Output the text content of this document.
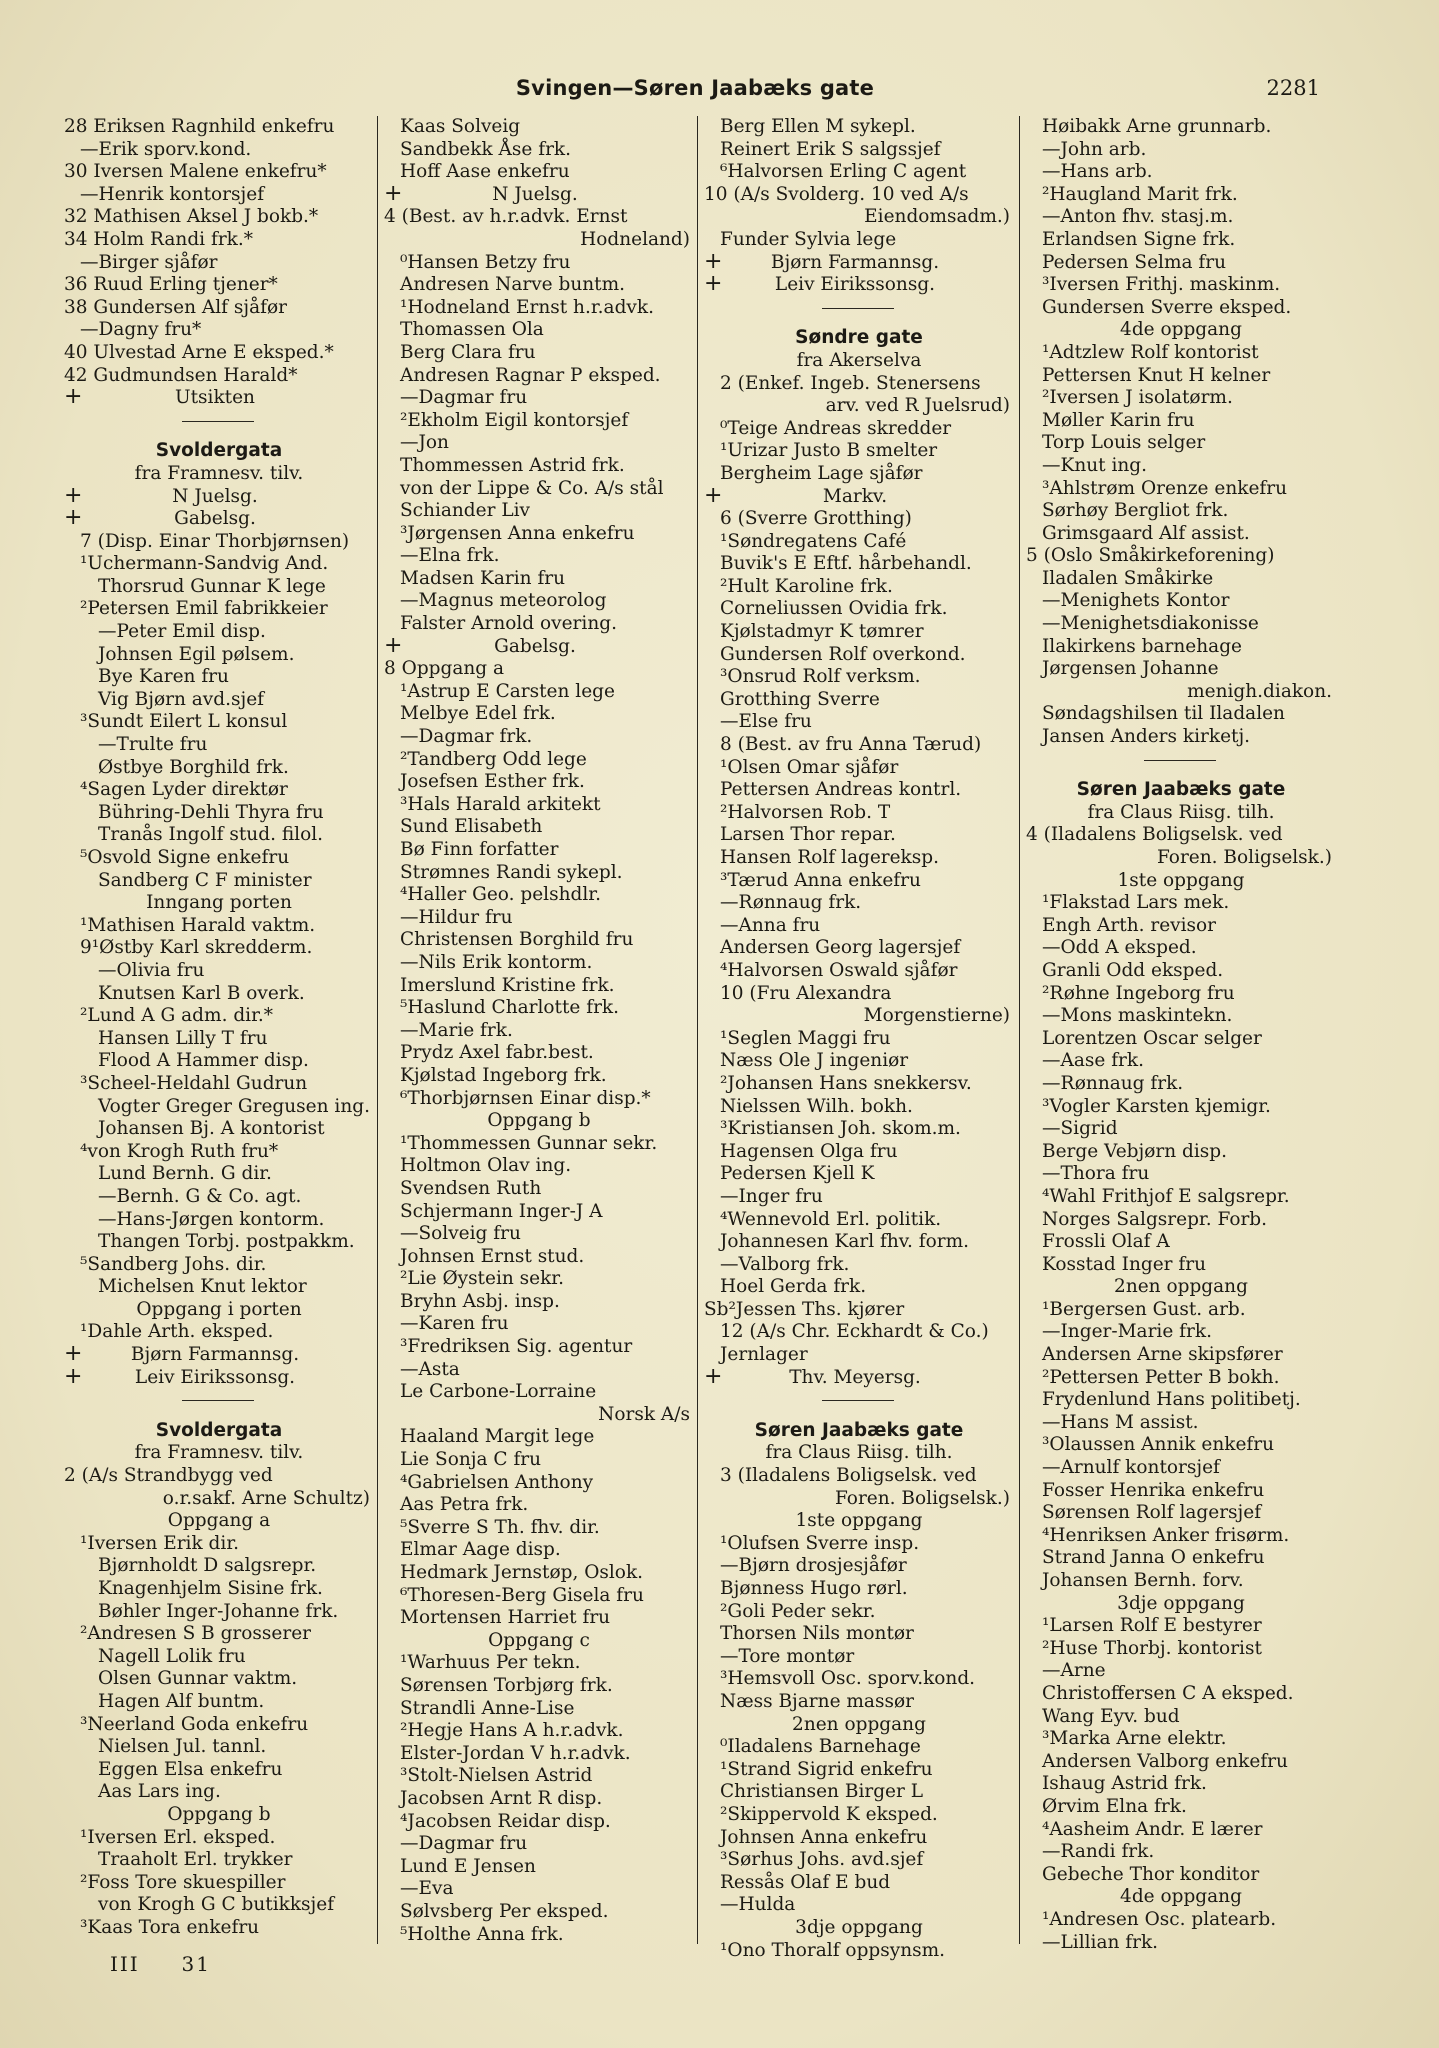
Svingen—Søren Jaabæks gate	2281
28 Eriksen Ragnhild enkefru
—Erik sporv.kond.
30 Iversen Malene enkefru*
—Henrik kontorsjef
32 Mathisen Aksel J bokb.*
34 Holm Randi frk.*
—Birger sjåfør
36 Ruud Erling tjener*
38 Gundersen Alf sjåfør
—Dagny fru*
40 Ulvestad Arne E eksped.*
42 Gudmundsen Harald*
+	Utsikten
Svoldergata
fra Framnesv. tilv.
+	N Juelsg.
+	Gabelsg.
7 (Disp. Einar Thorbjørnsen)
¹Uchermann-Sandvig And.
Thorsrud Gunnar K lege
²Petersen Emil fabrikkeier
—Peter Emil disp.
Johnsen Egil pølsem.
Bye Karen fru
Vig Bjørn avd.sjef
³Sundt Eilert L konsul
—Trulte fru
Østbye Borghild frk.
⁴Sagen Lyder direktør
Bühring-Dehli Thyra fru
Tranås Ingolf stud. filol.
⁵Osvold Signe enkefru
Sandberg C F minister
Inngang porten
¹Mathisen Harald vaktm.
9¹Østby Karl skredderm.
—Olivia fru
Knutsen Karl B overk.
²Lund A G adm. dir.*
Hansen Lilly T fru
Flood A Hammer disp.
³Scheel-Heldahl Gudrun
Vogter Greger Gregusen ing.
Johansen Bj. A kontorist
⁴von Krogh Ruth fru*
Lund Bernh. G dir.
—Bernh. G & Co. agt.
—Hans-Jørgen kontorm.
Thangen Torbj. postpakkm.
⁵Sandberg Johs. dir.
Michelsen Knut lektor
Oppgang i porten
¹Dahle Arth. eksped.
+	Bjørn Farmannsg.
+	Leiv Eirikssonsg.
Svoldergata
fra Framnesv. tilv.
2 (A/s Strandbygg ved
o.r.sakf. Arne Schultz)
Oppgang a
¹Iversen Erik dir.
Bjørnholdt D salgsrepr.
Knagenhjelm Sisine frk.
Bøhler Inger-Johanne frk.
²Andresen S B grosserer
Nagell Lolik fru
Olsen Gunnar vaktm.
Hagen Alf buntm.
³Neerland Goda enkefru
Nielsen Jul. tannl.
Eggen Elsa enkefru
Aas Lars ing.
Oppgang b
¹Iversen Erl. eksped.
Traaholt Erl. trykker
²Foss Tore skuespiller
von Krogh G C butikksjef
³Kaas Tora enkefru
Kaas Solveig
Sandbekk Åse frk.
Hoff Aase enkefru
+	N Juelsg.
4 (Best. av h.r.advk. Ernst
Hodneland)
⁰Hansen Betzy fru
Andresen Narve buntm.
¹Hodneland Ernst h.r.advk.
Thomassen Ola
Berg Clara fru
Andresen Ragnar P eksped.
—Dagmar fru
²Ekholm Eigil kontorsjef
—Jon
Thommessen Astrid frk.
von der Lippe & Co. A/s stål
Schiander Liv
³Jørgensen Anna enkefru
—Elna frk.
Madsen Karin fru
—Magnus meteorolog
Falster Arnold overing.
+	Gabelsg.
8 Oppgang a
¹Astrup E Carsten lege
Melbye Edel frk.
—Dagmar frk.
²Tandberg Odd lege
Josefsen Esther frk.
³Hals Harald arkitekt
Sund Elisabeth
Bø Finn forfatter
Strømnes Randi sykepl.
⁴Haller Geo. pelshdlr.
—Hildur fru
Christensen Borghild fru
—Nils Erik kontorm.
Imerslund Kristine frk.
⁵Haslund Charlotte frk.
—Marie frk.
Prydz Axel fabr.best.
Kjølstad Ingeborg frk.
⁶Thorbjørnsen Einar disp.*
Oppgang b
¹Thommessen Gunnar sekr.
Holtmon Olav ing.
Svendsen Ruth
Schjermann Inger-J A
—Solveig fru
Johnsen Ernst stud.
²Lie Øystein sekr.
Bryhn Asbj. insp.
—Karen fru
³Fredriksen Sig. agentur
—Asta
Le Carbone-Lorraine
Norsk A/s
Haaland Margit lege
Lie Sonja C fru
⁴Gabrielsen Anthony
Aas Petra frk.
⁵Sverre S Th. fhv. dir.
Elmar Aage disp.
Hedmark Jernstøp, Oslok.
⁶Thoresen-Berg Gisela fru
Mortensen Harriet fru
Oppgang c
¹Warhuus Per tekn.
Sørensen Torbjørg frk.
Strandli Anne-Lise
²Hegje Hans A h.r.advk.
Elster-Jordan V h.r.advk.
³Stolt-Nielsen Astrid
Jacobsen Arnt R disp.
⁴Jacobsen Reidar disp.
—Dagmar fru
Lund E Jensen
—Eva
Sølvsberg Per eksped.
⁵Holthe Anna frk.
Berg Ellen M sykepl.
Reinert Erik S salgssjef
⁶Halvorsen Erling C agent
10 (A/s Svolderg. 10 ved A/s
Eiendomsadm.)
Funder Sylvia lege
+	Bjørn Farmannsg.
+	Leiv Eirikssonsg.
Søndre gate
fra Akerselva
2 (Enkef. Ingeb. Stenersens
arv. ved R Juelsrud)
⁰Teige Andreas skredder
¹Urizar Justo B smelter
Bergheim Lage sjåfør
+	Markv.
6 (Sverre Grotthing)
¹Søndregatens Café
Buvik's E Eftf. hårbehandl.
²Hult Karoline frk.
Corneliussen Ovidia frk.
Kjølstadmyr K tømrer
Gundersen Rolf overkond.
³Onsrud Rolf verksm.
Grotthing Sverre
—Else fru
8 (Best. av fru Anna Tærud)
¹Olsen Omar sjåfør
Pettersen Andreas kontrl.
²Halvorsen Rob. T
Larsen Thor repar.
Hansen Rolf lagereksp.
³Tærud Anna enkefru
—Rønnaug frk.
—Anna fru
Andersen Georg lagersjef
⁴Halvorsen Oswald sjåfør
10 (Fru Alexandra
Morgenstierne)
¹Seglen Maggi fru
Næss Ole J ingeniør
²Johansen Hans snekkersv.
Nielssen Wilh. bokh.
³Kristiansen Joh. skom.m.
Hagensen Olga fru
Pedersen Kjell K
—Inger fru
⁴Wennevold Erl. politik.
Johannesen Karl fhv. form.
—Valborg frk.
Hoel Gerda frk.
Sb²Jessen Ths. kjører
12 (A/s Chr. Eckhardt & Co.)
Jernlager
+	Thv. Meyersg.
Søren Jaabæks gate
fra Claus Riisg. tilh.
3 (Iladalens Boligselsk. ved
Foren. Boligselsk.)
1ste oppgang
¹Olufsen Sverre insp.
—Bjørn drosjesjåfør
Bjønness Hugo rørl.
²Goli Peder sekr.
Thorsen Nils montør
—Tore montør
³Hemsvoll Osc. sporv.kond.
Næss Bjarne massør
2nen oppgang
⁰Iladalens Barnehage
¹Strand Sigrid enkefru
Christiansen Birger L
²Skippervold K eksped.
Johnsen Anna enkefru
³Sørhus Johs. avd.sjef
Ressås Olaf E bud
—Hulda
3dje oppgang
¹Ono Thoralf oppsynsm.
Høibakk Arne grunnarb.
—John arb.
—Hans arb.
²Haugland Marit frk.
—Anton fhv. stasj.m.
Erlandsen Signe frk.
Pedersen Selma fru
³Iversen Frithj. maskinm.
Gundersen Sverre eksped.
4de oppgang
¹Adtzlew Rolf kontorist
Pettersen Knut H kelner
²Iversen J isolatørm.
Møller Karin fru
Torp Louis selger
—Knut ing.
³Ahlstrøm Orenze enkefru
Sørhøy Bergliot frk.
Grimsgaard Alf assist.
5 (Oslo Småkirkeforening)
Iladalen Småkirke
—Menighets Kontor
—Menighetsdiakonisse
Ilakirkens barnehage
Jørgensen Johanne
menigh.diakon.
Søndagshilsen til Iladalen
Jansen Anders kirketj.
Søren Jaabæks gate
fra Claus Riisg. tilh.
4 (Iladalens Boligselsk. ved
Foren. Boligselsk.)
1ste oppgang
¹Flakstad Lars mek.
Engh Arth. revisor
—Odd A eksped.
Granli Odd eksped.
²Røhne Ingeborg fru
—Mons maskintekn.
Lorentzen Oscar selger
—Aase frk.
—Rønnaug frk.
³Vogler Karsten kjemigr.
—Sigrid
Berge Vebjørn disp.
—Thora fru
⁴Wahl Frithjof E salgsrepr.
Norges Salgsrepr. Forb.
Frossli Olaf A
Kosstad Inger fru
2nen oppgang
¹Bergersen Gust. arb.
—Inger-Marie frk.
Andersen Arne skipsfører
²Pettersen Petter B bokh.
Frydenlund Hans politibetj.
—Hans M assist.
³Olaussen Annik enkefru
—Arnulf kontorsjef
Fosser Henrika enkefru
Sørensen Rolf lagersjef
⁴Henriksen Anker frisørm.
Strand Janna O enkefru
Johansen Bernh. forv.
3dje oppgang
¹Larsen Rolf E bestyrer
²Huse Thorbj. kontorist
—Arne
Christoffersen C A eksped.
Wang Eyv. bud
³Marka Arne elektr.
Andersen Valborg enkefru
Ishaug Astrid frk.
Ørvim Elna frk.
⁴Aasheim Andr. E lærer
—Randi frk.
Gebeche Thor konditor
4de oppgang
¹Andresen Osc. platearb.
—Lillian frk.
III 31
